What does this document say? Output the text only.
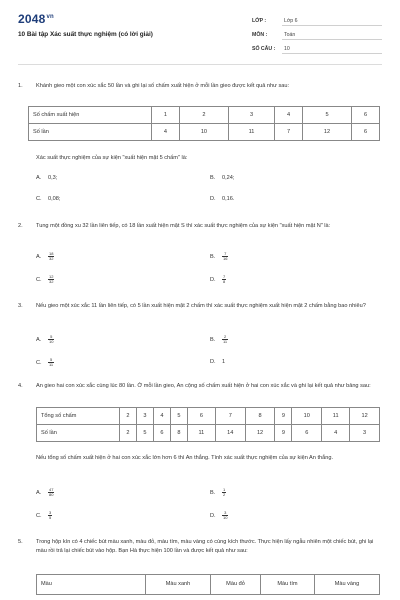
$2048^{vn}$
10 Bài tập Xác suất thực nghiệm (có lời giải)
LỚP :	Lớp 6
MÔN :	Toán
SỐ CÂU : 10
1. Khánh gieo một con xúc xắc 50 lần và ghi lại số chấm xuất hiện ở mỗi lần gieo được kết quả như sau:
Số chấm xuất hiện	1	2	3	4	5	6
Số lần	4	10	11	7	12	6
Xác suất thực nghiệm của sự kiện "xuất hiện mặt 5 chấm" là:
A. 0,3;	B. 0,24;
C. 0,08;	D. 0,16.
2. Tung một đồng xu 32 lần liên tiếp, có 18 lần xuất hiện mặt S thì xác suất thực nghiệm của sự kiện "xuất hiện mặt N" là:
A. $\frac{18}{32}$	B. $\frac{7}{16}$
C. $\frac{12}{32}$	D. $\frac{7}{8}$
3. Nếu gieo một xúc xắc 11 lần liên tiếp, có 5 lần xuất hiện mặt 2 chấm thì xác suất thực nghiệm xuất hiện mặt 2 chấm bằng bao nhiêu?
A. $\frac{5}{10}$	B. $\frac{2}{11}$
C. $\frac{5}{11}$	D. 1
4. An gieo hai con xúc xắc cùng lúc 80 lần. Ở mỗi lần gieo, An cộng số chấm xuất hiện ở hai con xúc xắc và ghi lại kết quả như bảng sau:
Tổng số chấm	2	3	4	5	6	7	8	9	10	11	12
Số lần	2	5	6	8	11	14	12	9	6	4	3
Nếu tổng số chấm xuất hiện ở hai con xúc xắc lớn hơn 6 thì An thắng. Tính xác suất thực nghiệm của sự kiện An thắng.
A. $\frac{47}{80}$	B. $\frac{1}{2}$
C. $\frac{3}{5}$	D. $\frac{3}{10}$
5. Trong hộp kín có 4 chiếc bút màu xanh, màu đỏ, màu tím, màu vàng có cùng kích thước. Thực hiện lấy ngẫu nhiên một chiếc bút, ghi lại màu rồi trả lại chiếc bút vào hộp. Bạn Hà thực hiện 100 lần và được kết quả như sau:
Màu	Màu xanh	Màu đỏ	Màu tím	Màu vàng
